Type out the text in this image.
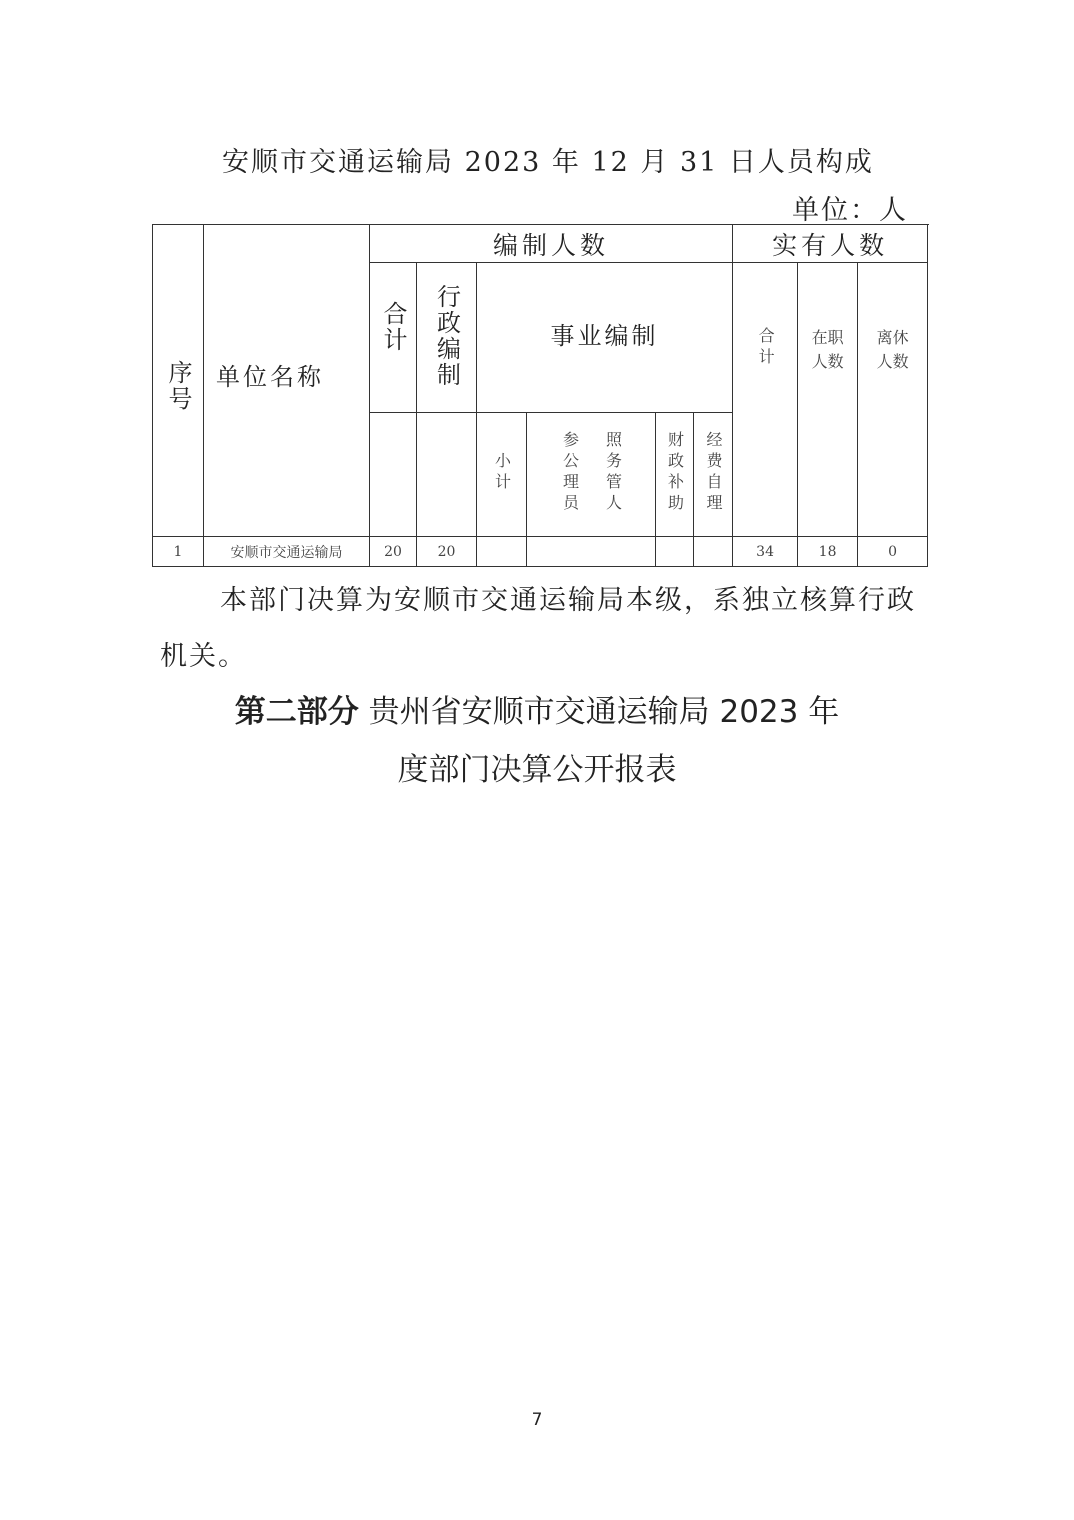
安顺市交通运输局 2023 年 12 月 31 日人员构成
单位：人
序号	单位名称	编制人数						实有人数			
		合计	行政编制	事业编制				合计	在职人数	离休人数	
				小计	参公理员 照务管人	财政补助	经费自理				
1	安顺市交通运输局	20	20					34	18	0	
本部门决算为安顺市交通运输局本级，系独立核算行政
机关。
第二部分 贵州省安顺市交通运输局 2023 年
度部门决算公开报表
7
